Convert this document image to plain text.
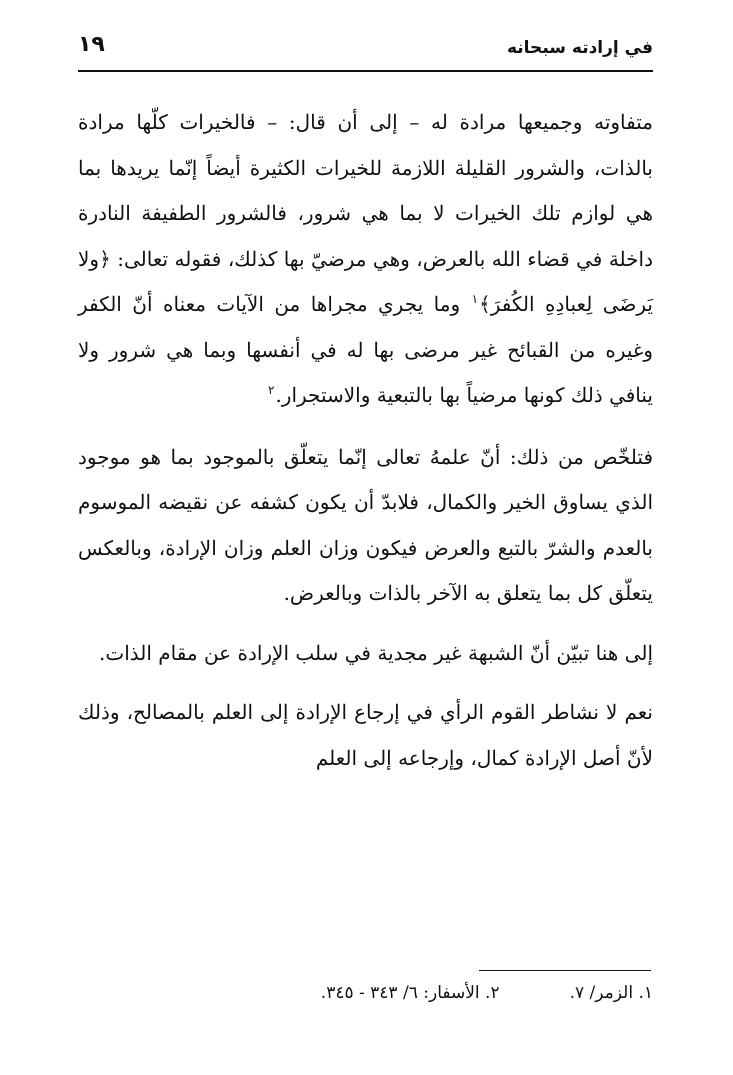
في إرادته سبحانه
١٩

متفاوته وجميعها مرادة له – إلى أن قال: – فالخيرات كلّها مرادة بالذات، والشرور القليلة اللازمة للخيرات الكثيرة أيضاً إنّما يريدها بما هي لوازم تلك الخيرات لا بما هي شرور، فالشرور الطفيفة النادرة داخلة في قضاء الله بالعرض، وهي مرضيّ بها كذلك، فقوله تعالى: ﴿ولا يَرضَى لِعبادِهِ الكُفرَ﴾$^١$ وما يجري مجراها من الآيات معناه أنّ الكفر وغيره من القبائح غير مرضى بها له في أنفسها وبما هي شرور ولا ينافي ذلك كونها مرضياً بها بالتبعية والاستجرار.$^٢$

فتلخّص من ذلك: أنّ علمهُ تعالى إنّما يتعلّق بالموجود بما هو موجود الذي يساوق الخير والكمال، فلابدّ أن يكون كشفه عن نقيضه الموسوم بالعدم والشرّ بالتبع والعرض فيكون وزان العلم وزان الإرادة، وبالعكس يتعلّق كل بما يتعلق به الآخر بالذات وبالعرض.

إلى هنا تبيّن أنّ الشبهة غير مجدية في سلب الإرادة عن مقام الذات.

نعم لا نشاطر القوم الرأي في إرجاع الإرادة إلى العلم بالمصالح، وذلك لأنّ أصل الإرادة كمال، وإرجاعه إلى العلم

١. الزمر/ ٧.٢. الأسفار: ٦/ ٣٤٣ - ٣٤٥.
